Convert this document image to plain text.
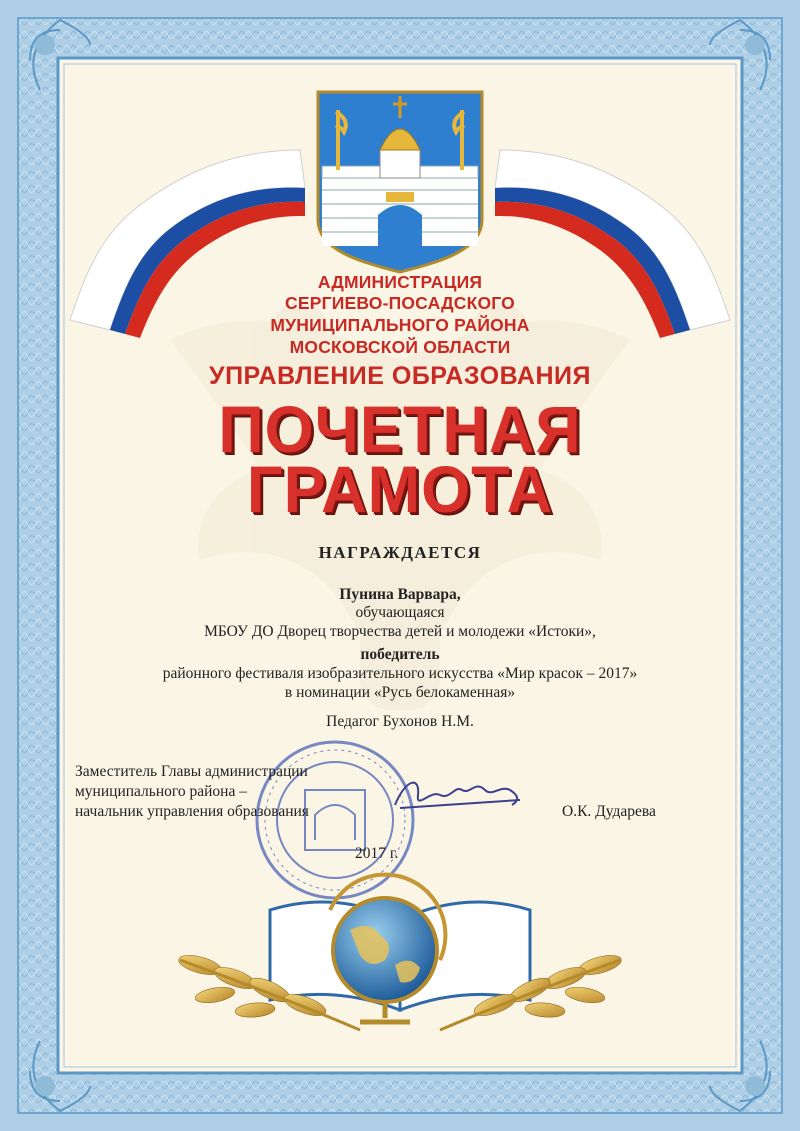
АДМИНИСТРАЦИЯ
СЕРГИЕВО-ПОСАДСКОГО
МУНИЦИПАЛЬНОГО РАЙОНА
МОСКОВСКОЙ ОБЛАСТИ
УПРАВЛЕНИЕ ОБРАЗОВАНИЯ
ПОЧЕТНАЯ
ГРАМОТА
НАГРАЖДАЕТСЯ
Пунина Варвара,
обучающаяся
МБОУ ДО Дворец творчества детей и молодежи «Истоки»,
победитель
районного фестиваля изобразительного искусства «Мир красок – 2017»
в номинации «Русь белокаменная»
Педагог Бухонов Н.М.
Заместитель Главы администрации
муниципального района –
начальник управления образования	О.К. Дударева
2017 г.
